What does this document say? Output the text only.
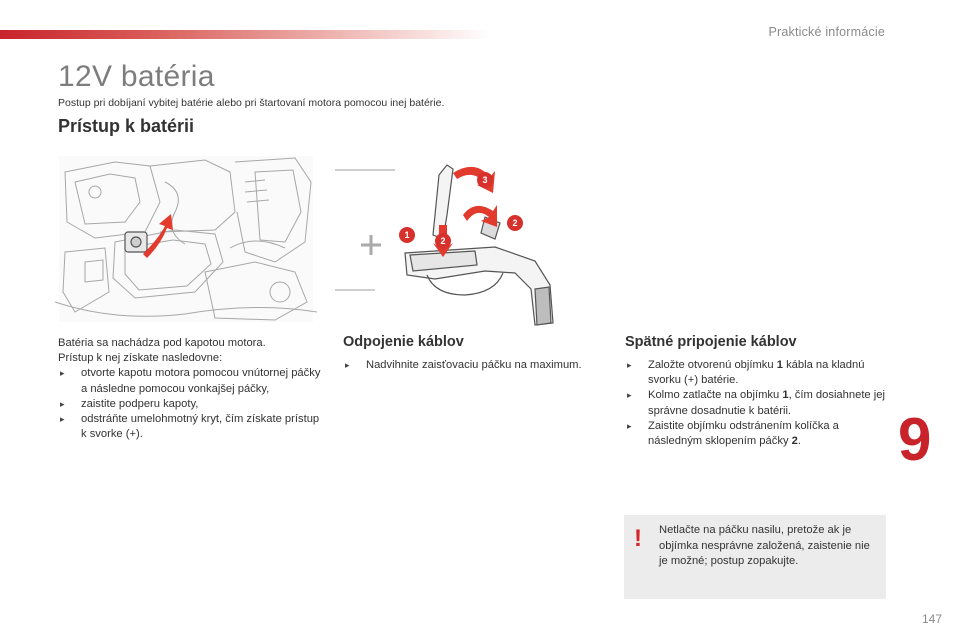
Praktické informácie
12V batéria
Postup pri dobíjaní vybitej batérie alebo pri štartovaní motora pomocou inej batérie.
Prístup k batérii
3
2
1
2
Batéria sa nachádza pod kapotou motora.
Prístup k nej získate nasledovne:
▸ otvorte kapotu motora pomocou vnútornej páčky a následne pomocou vonkajšej páčky,
▸ zaistite podperu kapoty,
▸ odstráňte umelohmotný kryt, čím získate prístup k svorke (+).
Odpojenie káblov
▸ Nadvihnite zaisťovaciu páčku na maximum.
Spätné pripojenie káblov
▸ Založte otvorenú objímku 1 kábla na kladnú svorku (+) batérie.
▸ Kolmo zatlačte na objímku 1, čím dosiahnete jej správne dosadnutie k batérii.
▸ Zaistite objímku odstránením kolíčka a následným sklopením páčky 2.
! Netlačte na páčku nasilu, pretože ak je objímka nesprávne založená, zaistenie nie je možné; postup zopakujte.
9
147
